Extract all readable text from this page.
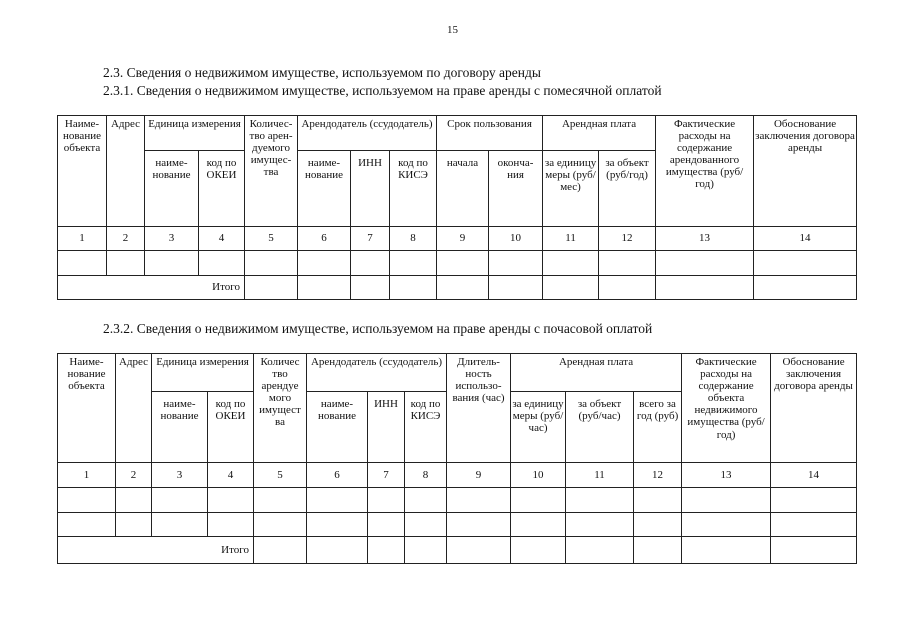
15
2.3. Сведения о недвижимом имуществе, используемом по договору аренды
2.3.1. Сведения о недвижимом имуществе, используемом на праве аренды с помесячной оплатой
2.3.2. Сведения о недвижимом имуществе, используемом на праве аренды с почасовой оплатой
Наиме-нование объекта	Адрес	Единица измерения		Количес-тво арен-дуемого имущес-тва	Арендодатель (ссудодатель)			Срок пользования		Арендная плата		Фактические расходы на содержание арендованного имущества (руб/год)	Обоснование заключения договора аренды
		наиме-нование	код по ОКЕИ		наиме-нование	ИНН	код по КИСЭ	начала	оконча-ния	за единицу меры (руб/мес)	за объект (руб/год)		
1	2	3	4	5	6	7	8	9	10	11	12	13	14

Итого													
Наиме-нование объекта	Адрес	Единица измерения		Количес тво арендуе мого имущест ва	Арендодатель (ссудодатель)			Длитель-ность использо-вания (час)	Арендная плата			Фактические расходы на содержание объекта недвижимого имущества (руб/год)	Обоснование заключения договора аренды
		наиме-нование	код по ОКЕИ		наиме-нование	ИНН	код по КИСЭ		за единицу меры (руб/час)	за объект (руб/час)	всего за год (руб)		
1	2	3	4	5	6	7	8	9	10	11	12	13	14

Итого													
